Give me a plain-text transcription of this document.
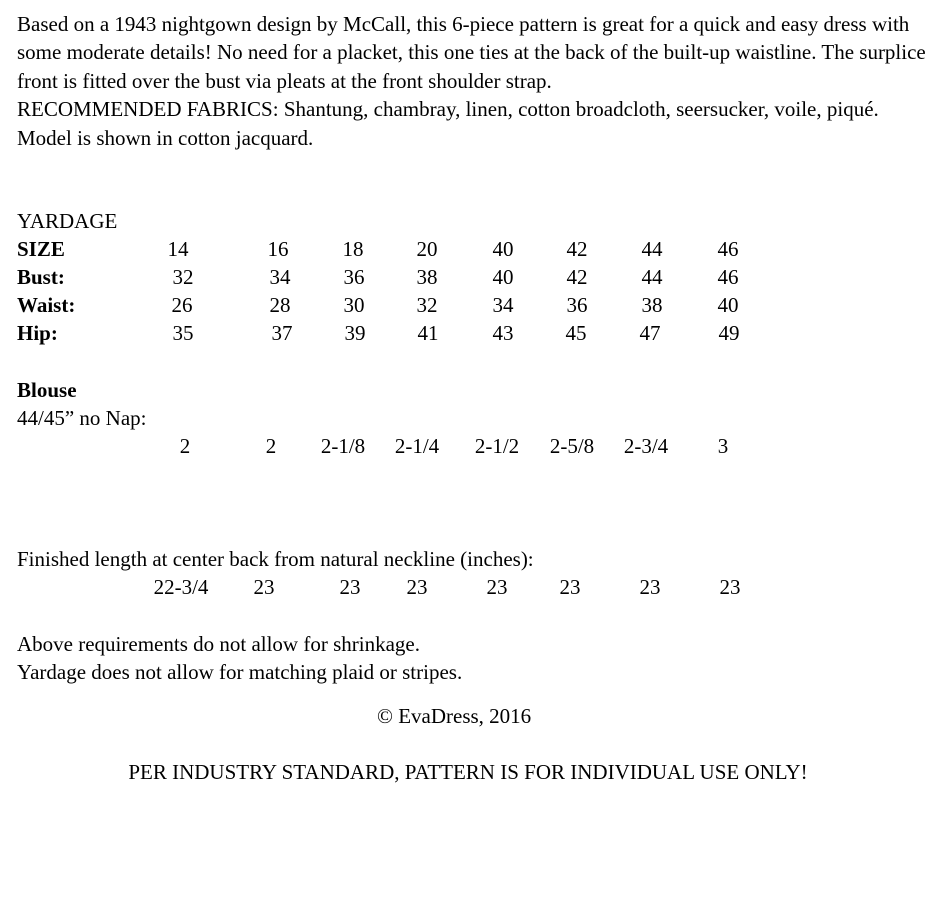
Based on a 1943 nightgown design by McCall, this 6-piece pattern is great for a quick and easy dress with some moderate details! No need for a placket, this one ties at the back of the built-up waistline. The surplice front is fitted over the bust via pleats at the front shoulder strap.

RECOMMENDED FABRICS: Shantung, chambray, linen, cotton broadcloth, seersucker, voile, piqué. Model is shown in cotton jacquard.

YARDAGE
SIZE	14	16	18	20	40	42	44	46
Bust:	32	34	36	38	40	42	44	46
Waist:	26	28	30	32	34	36	38	40
Hip:	35	37	39	41	43	45	47	49
Blouse
44/45” no Nap:
2	2	2-1/8	2-1/4	2-1/2	2-5/8	2-3/4	3
Finished length at center back from natural neckline (inches):
22-3/4	23	23	23	23	23	23	23
Above requirements do not allow for shrinkage.
Yardage does not allow for matching plaid or stripes.
© EvaDress, 2016
PER INDUSTRY STANDARD, PATTERN IS FOR INDIVIDUAL USE ONLY!
